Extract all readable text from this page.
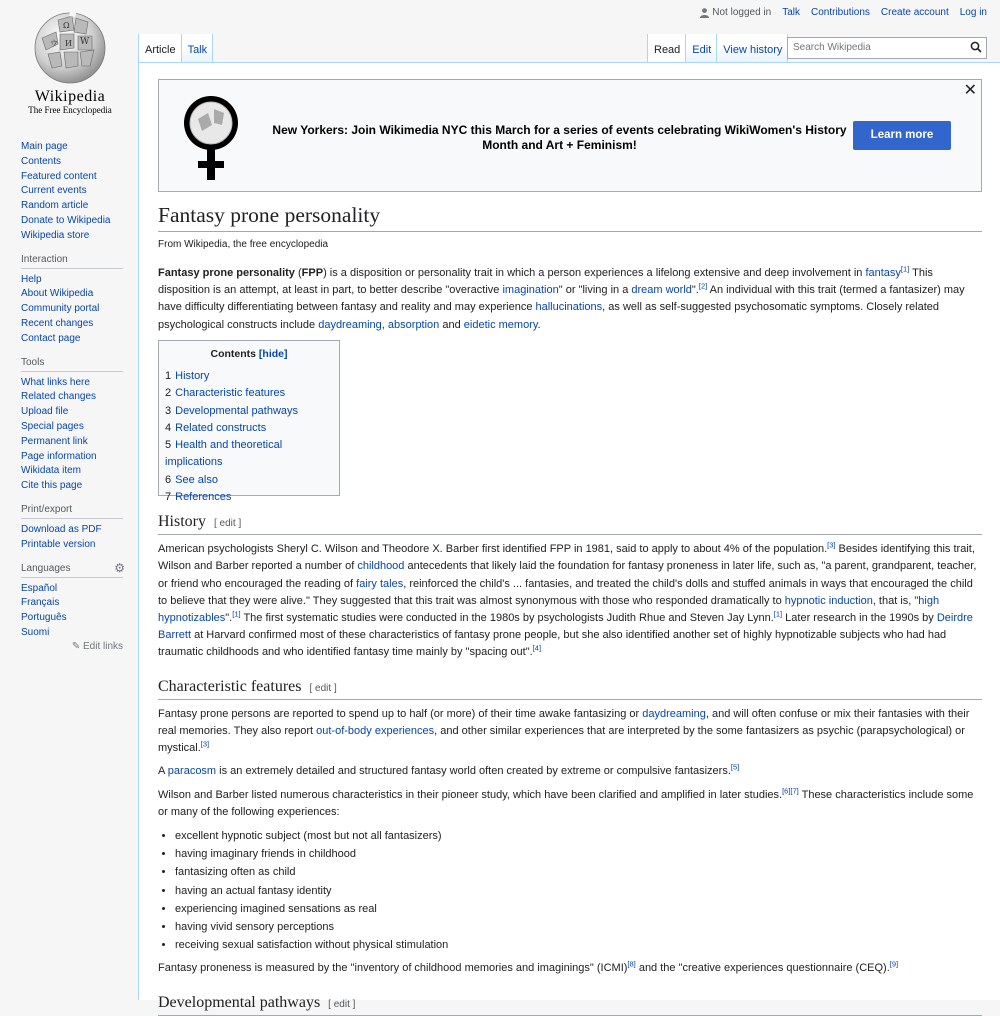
Ω
W
И
ウ
Wikipedia
The Free Encyclopedia
Not logged in Talk Contributions Create account Log in
Article	Talk	Read	Edit	View history	Search Wikipedia
Main page
Contents
Featured content
Current events
Random article
Donate to Wikipedia
Wikipedia store
Interaction
Help
About Wikipedia
Community portal
Recent changes
Contact page
Tools
What links here
Related changes
Upload file
Special pages
Permanent link
Page information
Wikidata item
Cite this page
Print/export
Download as PDF
Printable version
Languages	⚙
Español
Français
Português
Suomi
✎ Edit links
New Yorkers: Join Wikimedia NYC this March for a series of events celebrating WikiWomen's History Month and Art + Feminism!
Learn more
✕
Fantasy prone personality
From Wikipedia, the free encyclopedia

Fantasy prone personality (FPP) is a disposition or personality trait in which a person experiences a lifelong extensive and deep involvement in fantasy[1] This disposition is an attempt, at least in part, to better describe "overactive imagination" or "living in a dream world".[2] An individual with this trait (termed a fantasizer) may have difficulty differentiating between fantasy and reality and may experience hallucinations, as well as self-suggested psychosomatic symptoms. Closely related psychological constructs include daydreaming, absorption and eidetic memory.

Contents [hide]
1 History
2 Characteristic features
3 Developmental pathways
4 Related constructs
5 Health and theoretical implications
6 See also
7 References
History [ edit ]

American psychologists Sheryl C. Wilson and Theodore X. Barber first identified FPP in 1981, said to apply to about 4% of the population.[3] Besides identifying this trait, Wilson and Barber reported a number of childhood antecedents that likely laid the foundation for fantasy proneness in later life, such as, "a parent, grandparent, teacher, or friend who encouraged the reading of fairy tales, reinforced the child's ... fantasies, and treated the child's dolls and stuffed animals in ways that encouraged the child to believe that they were alive." They suggested that this trait was almost synonymous with those who responded dramatically to hypnotic induction, that is, "high hypnotizables".[1] The first systematic studies were conducted in the 1980s by psychologists Judith Rhue and Steven Jay Lynn.[1] Later research in the 1990s by Deirdre Barrett at Harvard confirmed most of these characteristics of fantasy prone people, but she also identified another set of highly hypnotizable subjects who had had traumatic childhoods and who identified fantasy time mainly by "spacing out".[4]

Characteristic features [ edit ]

Fantasy prone persons are reported to spend up to half (or more) of their time awake fantasizing or daydreaming, and will often confuse or mix their fantasies with their real memories. They also report out-of-body experiences, and other similar experiences that are interpreted by the some fantasizers as psychic (parapsychological) or mystical.[3]

A paracosm is an extremely detailed and structured fantasy world often created by extreme or compulsive fantasizers.[5]

Wilson and Barber listed numerous characteristics in their pioneer study, which have been clarified and amplified in later studies.[6][7] These characteristics include some or many of the following experiences:

• excellent hypnotic subject (most but not all fantasizers)
• having imaginary friends in childhood
• fantasizing often as child
• having an actual fantasy identity
• experiencing imagined sensations as real
• having vivid sensory perceptions
• receiving sexual satisfaction without physical stimulation

Fantasy proneness is measured by the "inventory of childhood memories and imaginings" (ICMI)[8] and the "creative experiences questionnaire (CEQ).[9]

Developmental pathways [ edit ]
